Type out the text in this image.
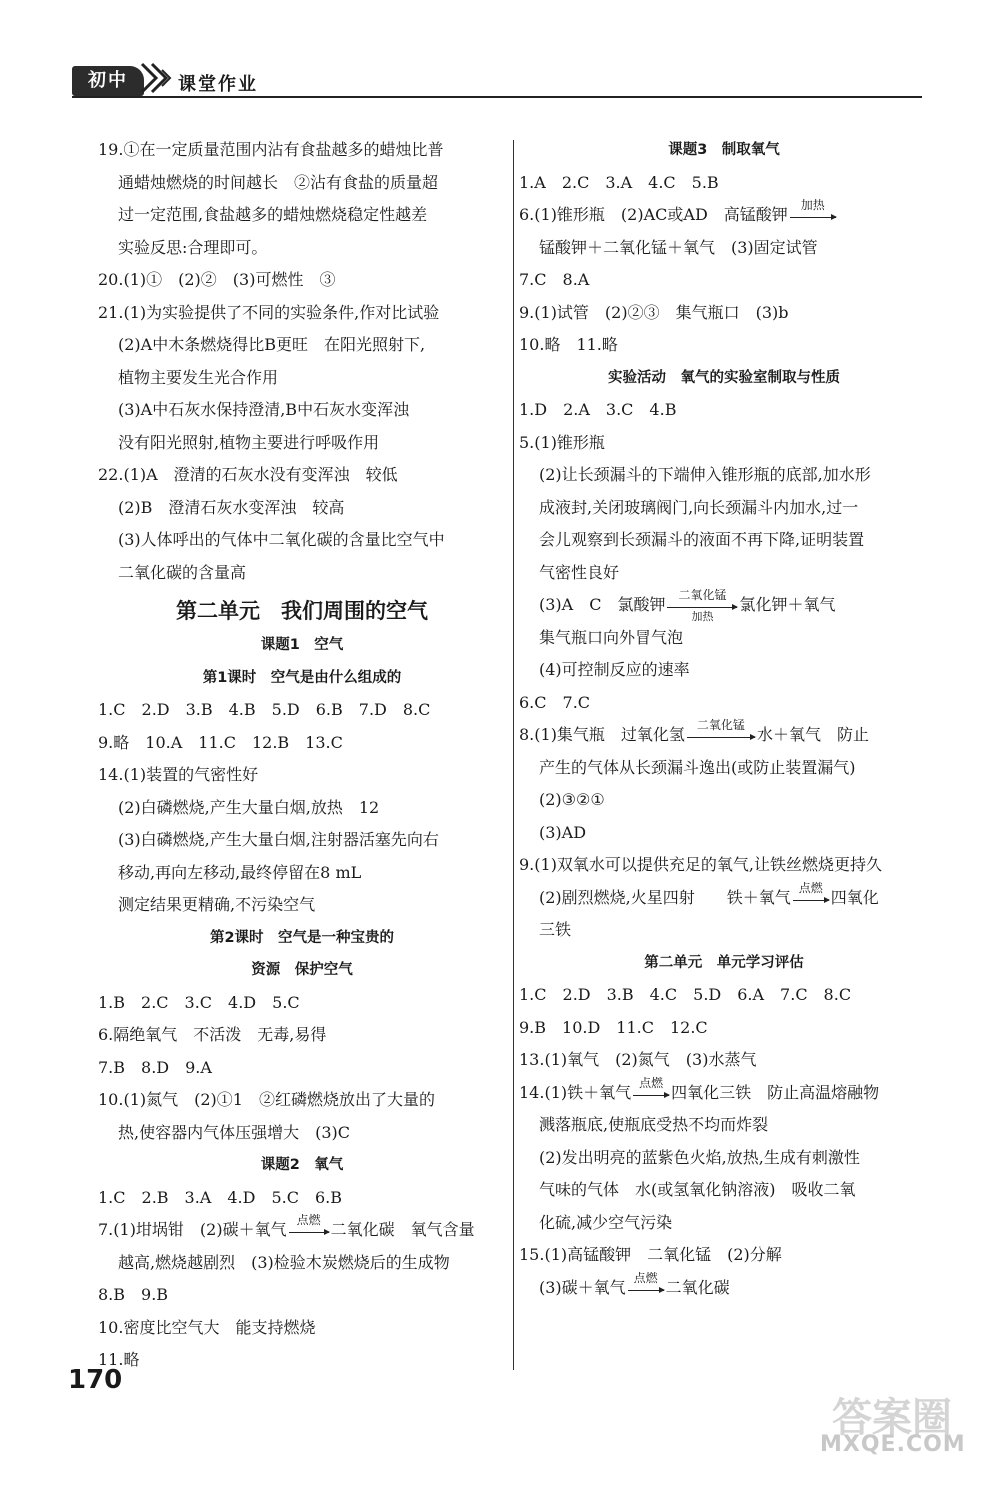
初中	课堂作业
19.①在一定质量范围内沾有食盐越多的蜡烛比普
通蜡烛燃烧的时间越长　②沾有食盐的质量超
过一定范围,食盐越多的蜡烛燃烧稳定性越差
实验反思:合理即可。
20.(1)①　(2)②　(3)可燃性　③
21.(1)为实验提供了不同的实验条件,作对比试验
(2)A中木条燃烧得比B更旺　在阳光照射下,
植物主要发生光合作用
(3)A中石灰水保持澄清,B中石灰水变浑浊
没有阳光照射,植物主要进行呼吸作用
22.(1)A　澄清的石灰水没有变浑浊　较低
(2)B　澄清石灰水变浑浊　较高
(3)人体呼出的气体中二氧化碳的含量比空气中
二氧化碳的含量高
第二单元　我们周围的空气
课题1　空气
第1课时　空气是由什么组成的
1.C　2.D　3.B　4.B　5.D　6.B　7.D　8.C
9.略　10.A　11.C　12.B　13.C
14.(1)装置的气密性好
(2)白磷燃烧,产生大量白烟,放热　12
(3)白磷燃烧,产生大量白烟,注射器活塞先向右
移动,再向左移动,最终停留在8 mL
测定结果更精确,不污染空气
第2课时　空气是一种宝贵的
资源　保护空气
1.B　2.C　3.C　4.D　5.C
6.隔绝氧气　不活泼　无毒,易得
7.B　8.D　9.A
10.(1)氮气　(2)①1　②红磷燃烧放出了大量的
热,使容器内气体压强增大　(3)C
课题2　氧气
1.C　2.B　3.A　4.D　5.C　6.B
7.(1)坩埚钳　(2)碳＋氧气 点燃 二氧化碳　氧气含量
越高,燃烧越剧烈　(3)检验木炭燃烧后的生成物
8.B　9.B
10.密度比空气大　能支持燃烧
11.略
课题3　制取氧气
1.A　2.C　3.A　4.C　5.B
6.(1)锥形瓶　(2)AC或AD　高锰酸钾	加热
锰酸钾＋二氧化锰＋氧气　(3)固定试管
7.C　8.A
9.(1)试管　(2)②③　集气瓶口　(3)b
10.略　11.略
实验活动　氧气的实验室制取与性质
1.D　2.A　3.C　4.B
5.(1)锥形瓶
(2)让长颈漏斗的下端伸入锥形瓶的底部,加水形
成液封,关闭玻璃阀门,向长颈漏斗内加水,过一
会儿观察到长颈漏斗的液面不再下降,证明装置
气密性良好
(3)A　C　氯酸钾	二氧化锰
加热
氯化钾＋氧气
集气瓶口向外冒气泡
(4)可控制反应的速率
6.C　7.C
8.(1)集气瓶　过氧化氢 二氧化锰 水＋氧气　防止
产生的气体从长颈漏斗逸出(或防止装置漏气)
(2)③②①
(3)AD
9.(1)双氧水可以提供充足的氧气,让铁丝燃烧更持久
(2)剧烈燃烧,火星四射　　铁＋氧气 点燃 四氧化
三铁
第二单元　单元学习评估
1.C　2.D　3.B　4.C　5.D　6.A　7.C　8.C
9.B　10.D　11.C　12.C
13.(1)氧气　(2)氮气　(3)水蒸气
14.(1)铁＋氧气 点燃 四氧化三铁　防止高温熔融物
溅落瓶底,使瓶底受热不均而炸裂
(2)发出明亮的蓝紫色火焰,放热,生成有刺激性
气味的气体　水(或氢氧化钠溶液)　吸收二氧
化硫,减少空气污染
15.(1)高锰酸钾　二氧化锰　(2)分解
(3)碳＋氧气 点燃 二氧化碳
170
答案圈
MXQE.COM
